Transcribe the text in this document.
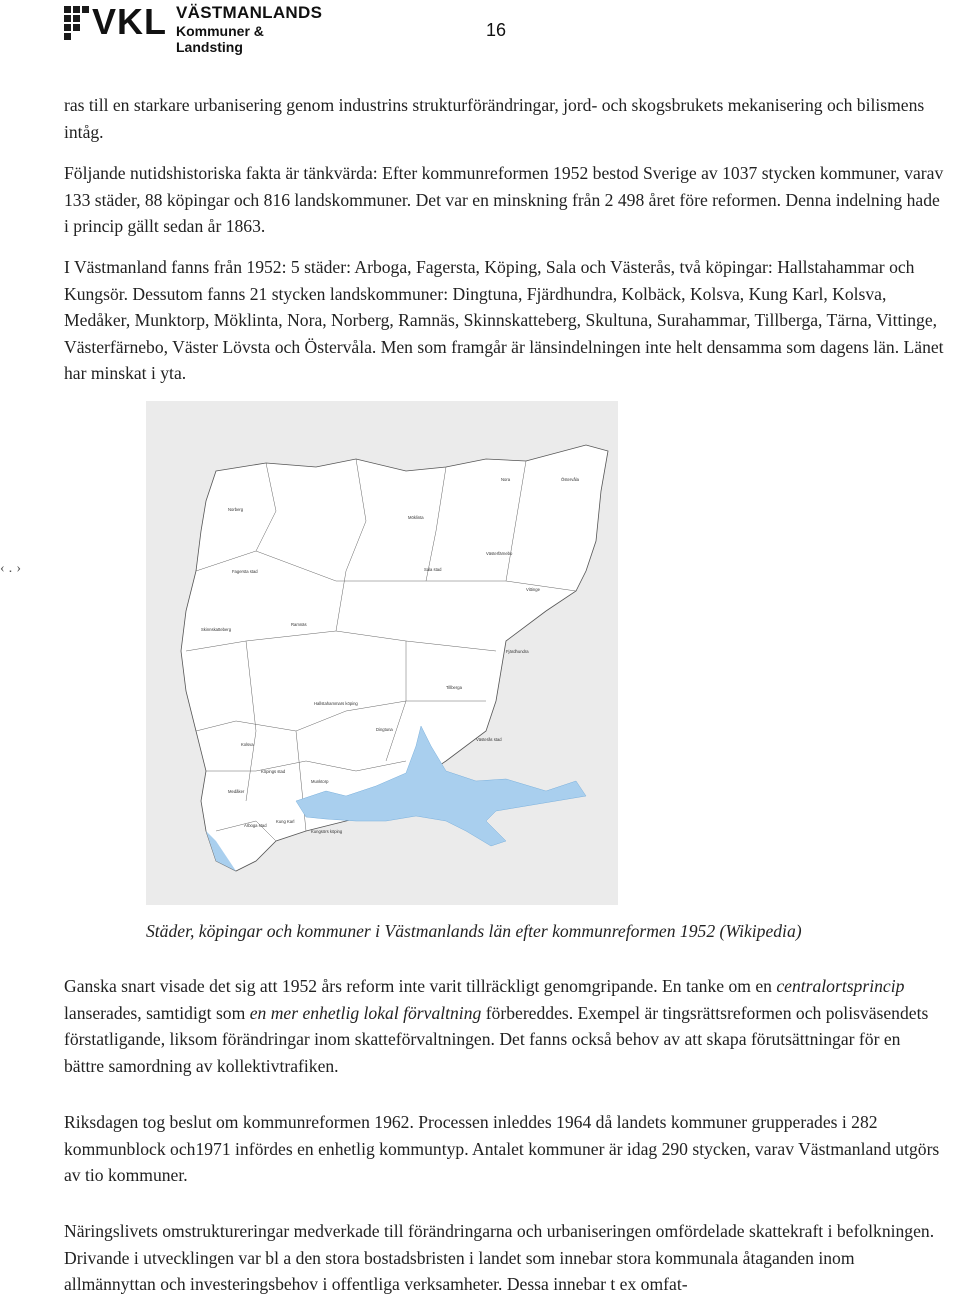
VKL VÄSTMANLANDS
Kommuner & Landsting
16
‹ ․ ›

ras till en starkare urbanisering genom industrins strukturförändringar, jord- och skogsbrukets mekanisering och bilismens intåg.

Följande nutidshistoriska fakta är tänkvärda: Efter kommunreformen 1952 bestod Sverige av 1037 stycken kommuner, varav 133 städer, 88 köpingar och 816 landskommuner. Det var en minskning från 2 498 året före reformen. Denna indelning hade i princip gällt sedan år 1863.

I Västmanland fanns från 1952: 5 städer: Arboga, Fagersta, Köping, Sala och Västerås, två köpingar: Hallstahammar och Kungsör. Dessutom fanns 21 stycken landskommuner: Dingtuna, Fjärdhundra, Kolbäck, Kolsva, Kung Karl, Kolsva, Medåker, Munktorp, Möklinta, Nora, Norberg, Ramnäs, Skinnskatteberg, Skultuna, Surahammar, Tillberga, Tärna, Vittinge, Västerfärnebo, Väster Lövsta och Östervåla. Men som framgår är länsindelningen inte helt densamma som dagens län. Länet har minskat i yta.

Nora	Östervåla
Norberg
Möklinta
Västerfärnebo
Fagersta stad	Sala stad
Vittinge
Ramnäs
Skinnskatteberg
Fjärdhundra
Tillberga
Hallstahammars köping
Dingtuna
Västerås stad
Kolsva
Köpings stad
Munktorp
Medåker
Arboga stad
Kung Karl
Kungsörs köping

Städer, köpingar och kommuner i Västmanlands län efter kommunreformen 1952 (Wikipedia)

Ganska snart visade det sig att 1952 års reform inte varit tillräckligt genomgripande. En tanke om en centralortsprincip lanserades, samtidigt som en mer enhetlig lokal förvaltning förbereddes. Exempel är tingsrättsreformen och polisväsendets förstatligande, liksom förändringar inom skatteförvaltningen. Det fanns också behov av att skapa förutsättningar för en bättre samordning av kollektivtrafiken.

Riksdagen tog beslut om kommunreformen 1962. Processen inleddes 1964 då landets kommuner grupperades i 282 kommunblock och1971 infördes en enhetlig kommuntyp. Antalet kommuner är idag 290 stycken, varav Västmanland utgörs av tio kommuner.

Näringslivets omstruktureringar medverkade till förändringarna och urbaniseringen omfördelade skattekraft i befolkningen. Drivande i utvecklingen var bl a den stora bostadsbristen i landet som innebar stora kommunala åtaganden inom allmännyttan och investeringsbehov i offentliga verksamheter. Dessa innebar t ex omfat-
